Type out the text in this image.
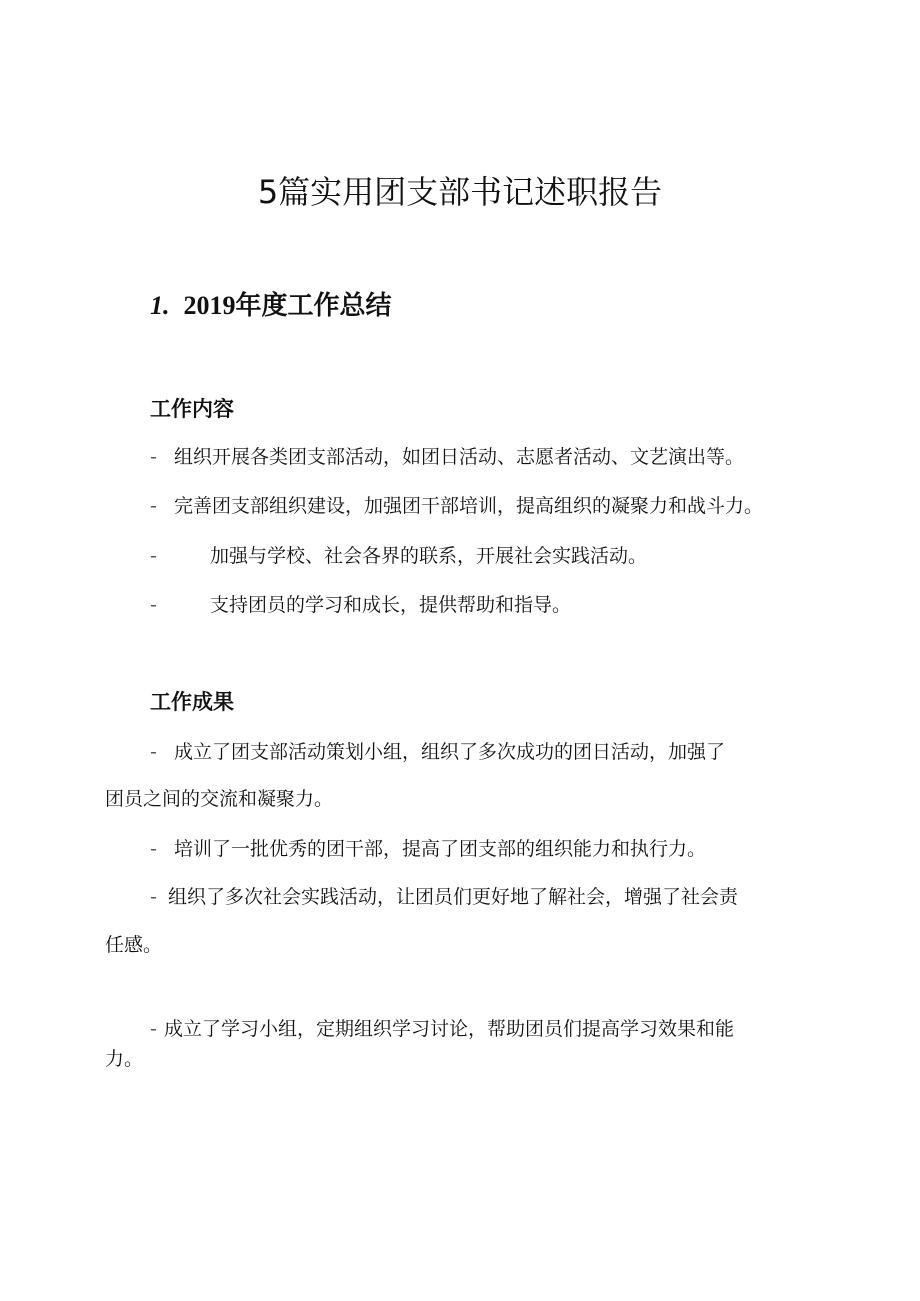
5篇实用团支部书记述职报告
1. 2019年度工作总结
工作内容

- 组织开展各类团支部活动，如团日活动、志愿者活动、文艺演出等。

- 完善团支部组织建设，加强团干部培训，提高组织的凝聚力和战斗力。

-	加强与学校、社会各界的联系，开展社会实践活动。

-	支持团员的学习和成长，提供帮助和指导。

工作成果
- 成立了团支部活动策划小组，组织了多次成功的团日活动，加强了
团员之间的交流和凝聚力。
- 培训了一批优秀的团干部，提高了团支部的组织能力和执行力。
- 组织了多次社会实践活动，让团员们更好地了解社会，增强了社会责
任感。
- 成立了学习小组，定期组织学习讨论，帮助团员们提高学习效果和能
力。
